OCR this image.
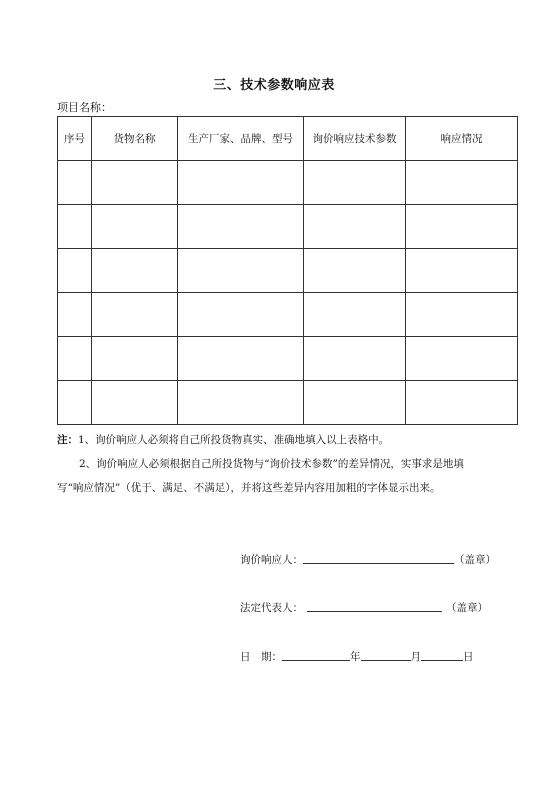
三、技术参数响应表
项目名称：
序号	货物名称	生产厂家、品牌、型号	询价响应技术参数	响应情况

注：1、询价响应人必须将自己所投货物真实、准确地填入以上表格中。
2、询价响应人必须根据自己所投货物与“询价技术参数”的差异情况，实事求是地填
写“响应情况”（优于、满足、不满足），并将这些差异内容用加粗的字体显示出来。
询价响应人：	（盖章）
法定代表人：	（盖章）
日　期：	年	月	日
